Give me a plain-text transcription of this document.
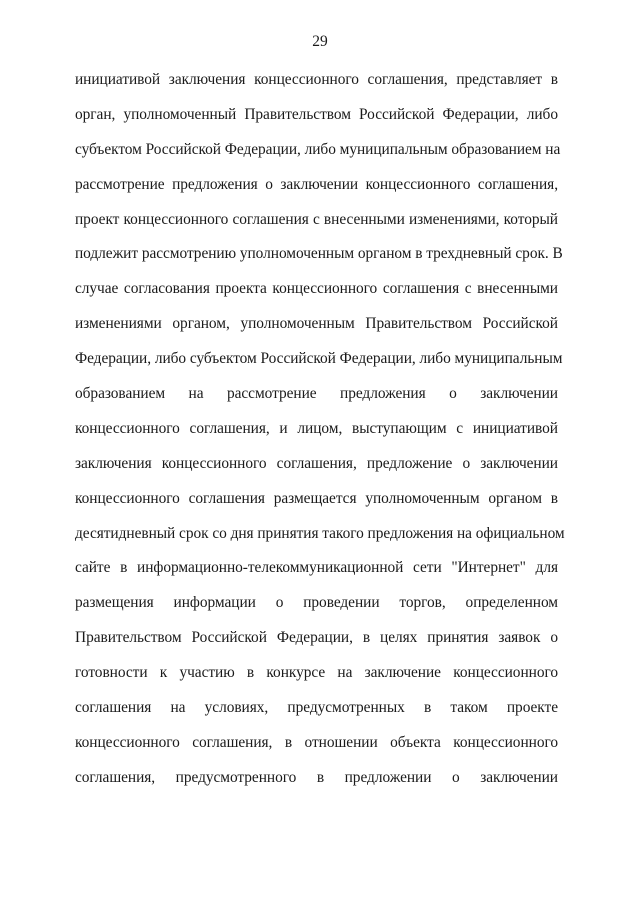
29
инициативой заключения концессионного соглашения, представляет в
орган, уполномоченный Правительством Российской Федерации, либо
субъектом Российской Федерации, либо муниципальным образованием на
рассмотрение предложения о заключении концессионного соглашения,
проект концессионного соглашения с внесенными изменениями, который
подлежит рассмотрению уполномоченным органом в трехдневный срок. В
случае согласования проекта концессионного соглашения с внесенными
изменениями органом, уполномоченным Правительством Российской
Федерации, либо субъектом Российской Федерации, либо муниципальным
образованием на рассмотрение предложения о заключении
концессионного соглашения, и лицом, выступающим с инициативой
заключения концессионного соглашения, предложение о заключении
концессионного соглашения размещается уполномоченным органом в
десятидневный срок со дня принятия такого предложения на официальном
сайте в информационно-телекоммуникационной сети "Интернет" для
размещения информации о проведении торгов, определенном
Правительством Российской Федерации, в целях принятия заявок о
готовности к участию в конкурсе на заключение концессионного
соглашения на условиях, предусмотренных в таком проекте
концессионного соглашения, в отношении объекта концессионного
соглашения, предусмотренного в предложении о заключении
